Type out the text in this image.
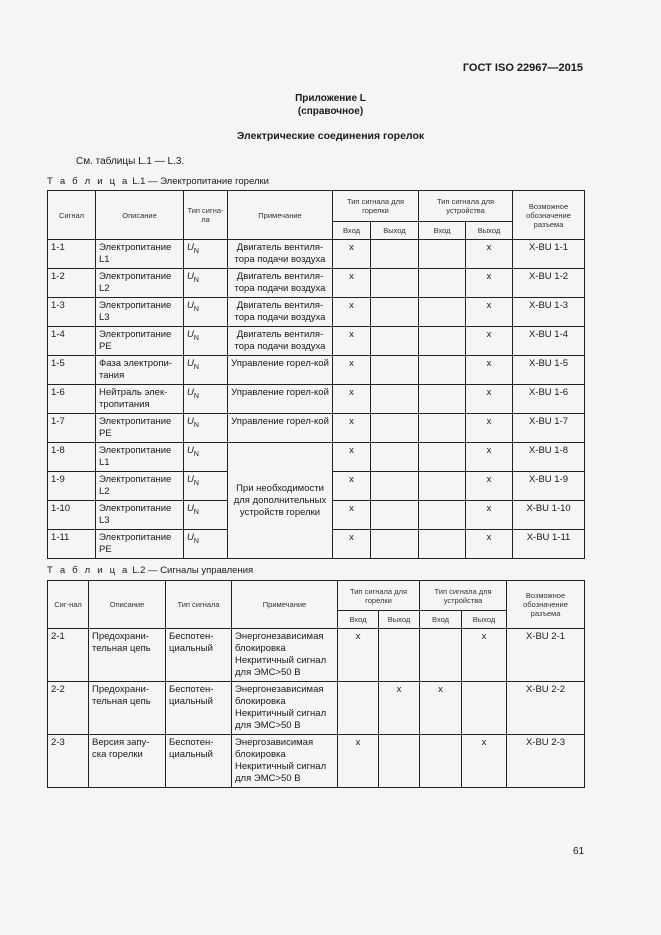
ГОСТ ISO 22967—2015
Приложение L
(справочное)
Электрические соединения горелок
См. таблицы L.1 — L.3.
Т а б л и ц а L.1 — Электропитание горелки
Сигнал	Описание	Тип сигна-ла	Примечание	Тип сигнала для горелки		Тип сигнала для устройства		Возможное обозначение разъема
				Вход	Выход	Вход	Выход	
1-1	Электропитание L1	$U_N$	Двигатель вентиля-тора подачи воздуха	x			x	X-BU 1-1
1-2	Электропитание L2	$U_N$	Двигатель вентиля-тора подачи воздуха	x			x	X-BU 1-2
1-3	Электропитание L3	$U_N$	Двигатель вентиля-тора подачи воздуха	x			x	X-BU 1-3
1-4	Электропитание PE	$U_N$	Двигатель вентиля-тора подачи воздуха	x			x	X-BU 1-4
1-5	Фаза электропи-тания	$U_N$	Управление горел-кой	x			x	X-BU 1-5
1-6	Нейтраль элек-тропитания	$U_N$	Управление горел-кой	x			x	X-BU 1-6
1-7	Электропитание PE	$U_N$	Управление горел-кой	x			x	X-BU 1-7
1-8	Электропитание L1	$U_N$	При необходимости для дополнительных устройств горелки	x			x	X-BU 1-8
1-9	Электропитание L2	$U_N$		x			x	X-BU 1-9
1-10	Электропитание L3	$U_N$		x			x	X-BU 1-10
1-11	Электропитание PE	$U_N$		x			x	X-BU 1-11
Т а б л и ц а L.2 — Сигналы управления
Сиг-нал	Описание	Тип сигнала	Примечание	Тип сигнала для горелки		Тип сигнала для устройства		Возможное обозначение разъема
				Вход	Выход	Вход	Выход	
2-1	Предохрани-тельная цепь	Беспотен-циальный	Энергонезависимая блокировка Некритичный сигнал для ЭМС>50 В	x			x	X-BU 2-1
2-2	Предохрани-тельная цепь	Беспотен-циальный	Энергонезависимая блокировка Некритичный сигнал для ЭМС>50 В		x	x		X-BU 2-2
2-3	Версия запу-ска горелки	Беспотен-циальный	Энергозависимая блокировка Некритичный сигнал для ЭМС>50 В	x			x	X-BU 2-3
61
